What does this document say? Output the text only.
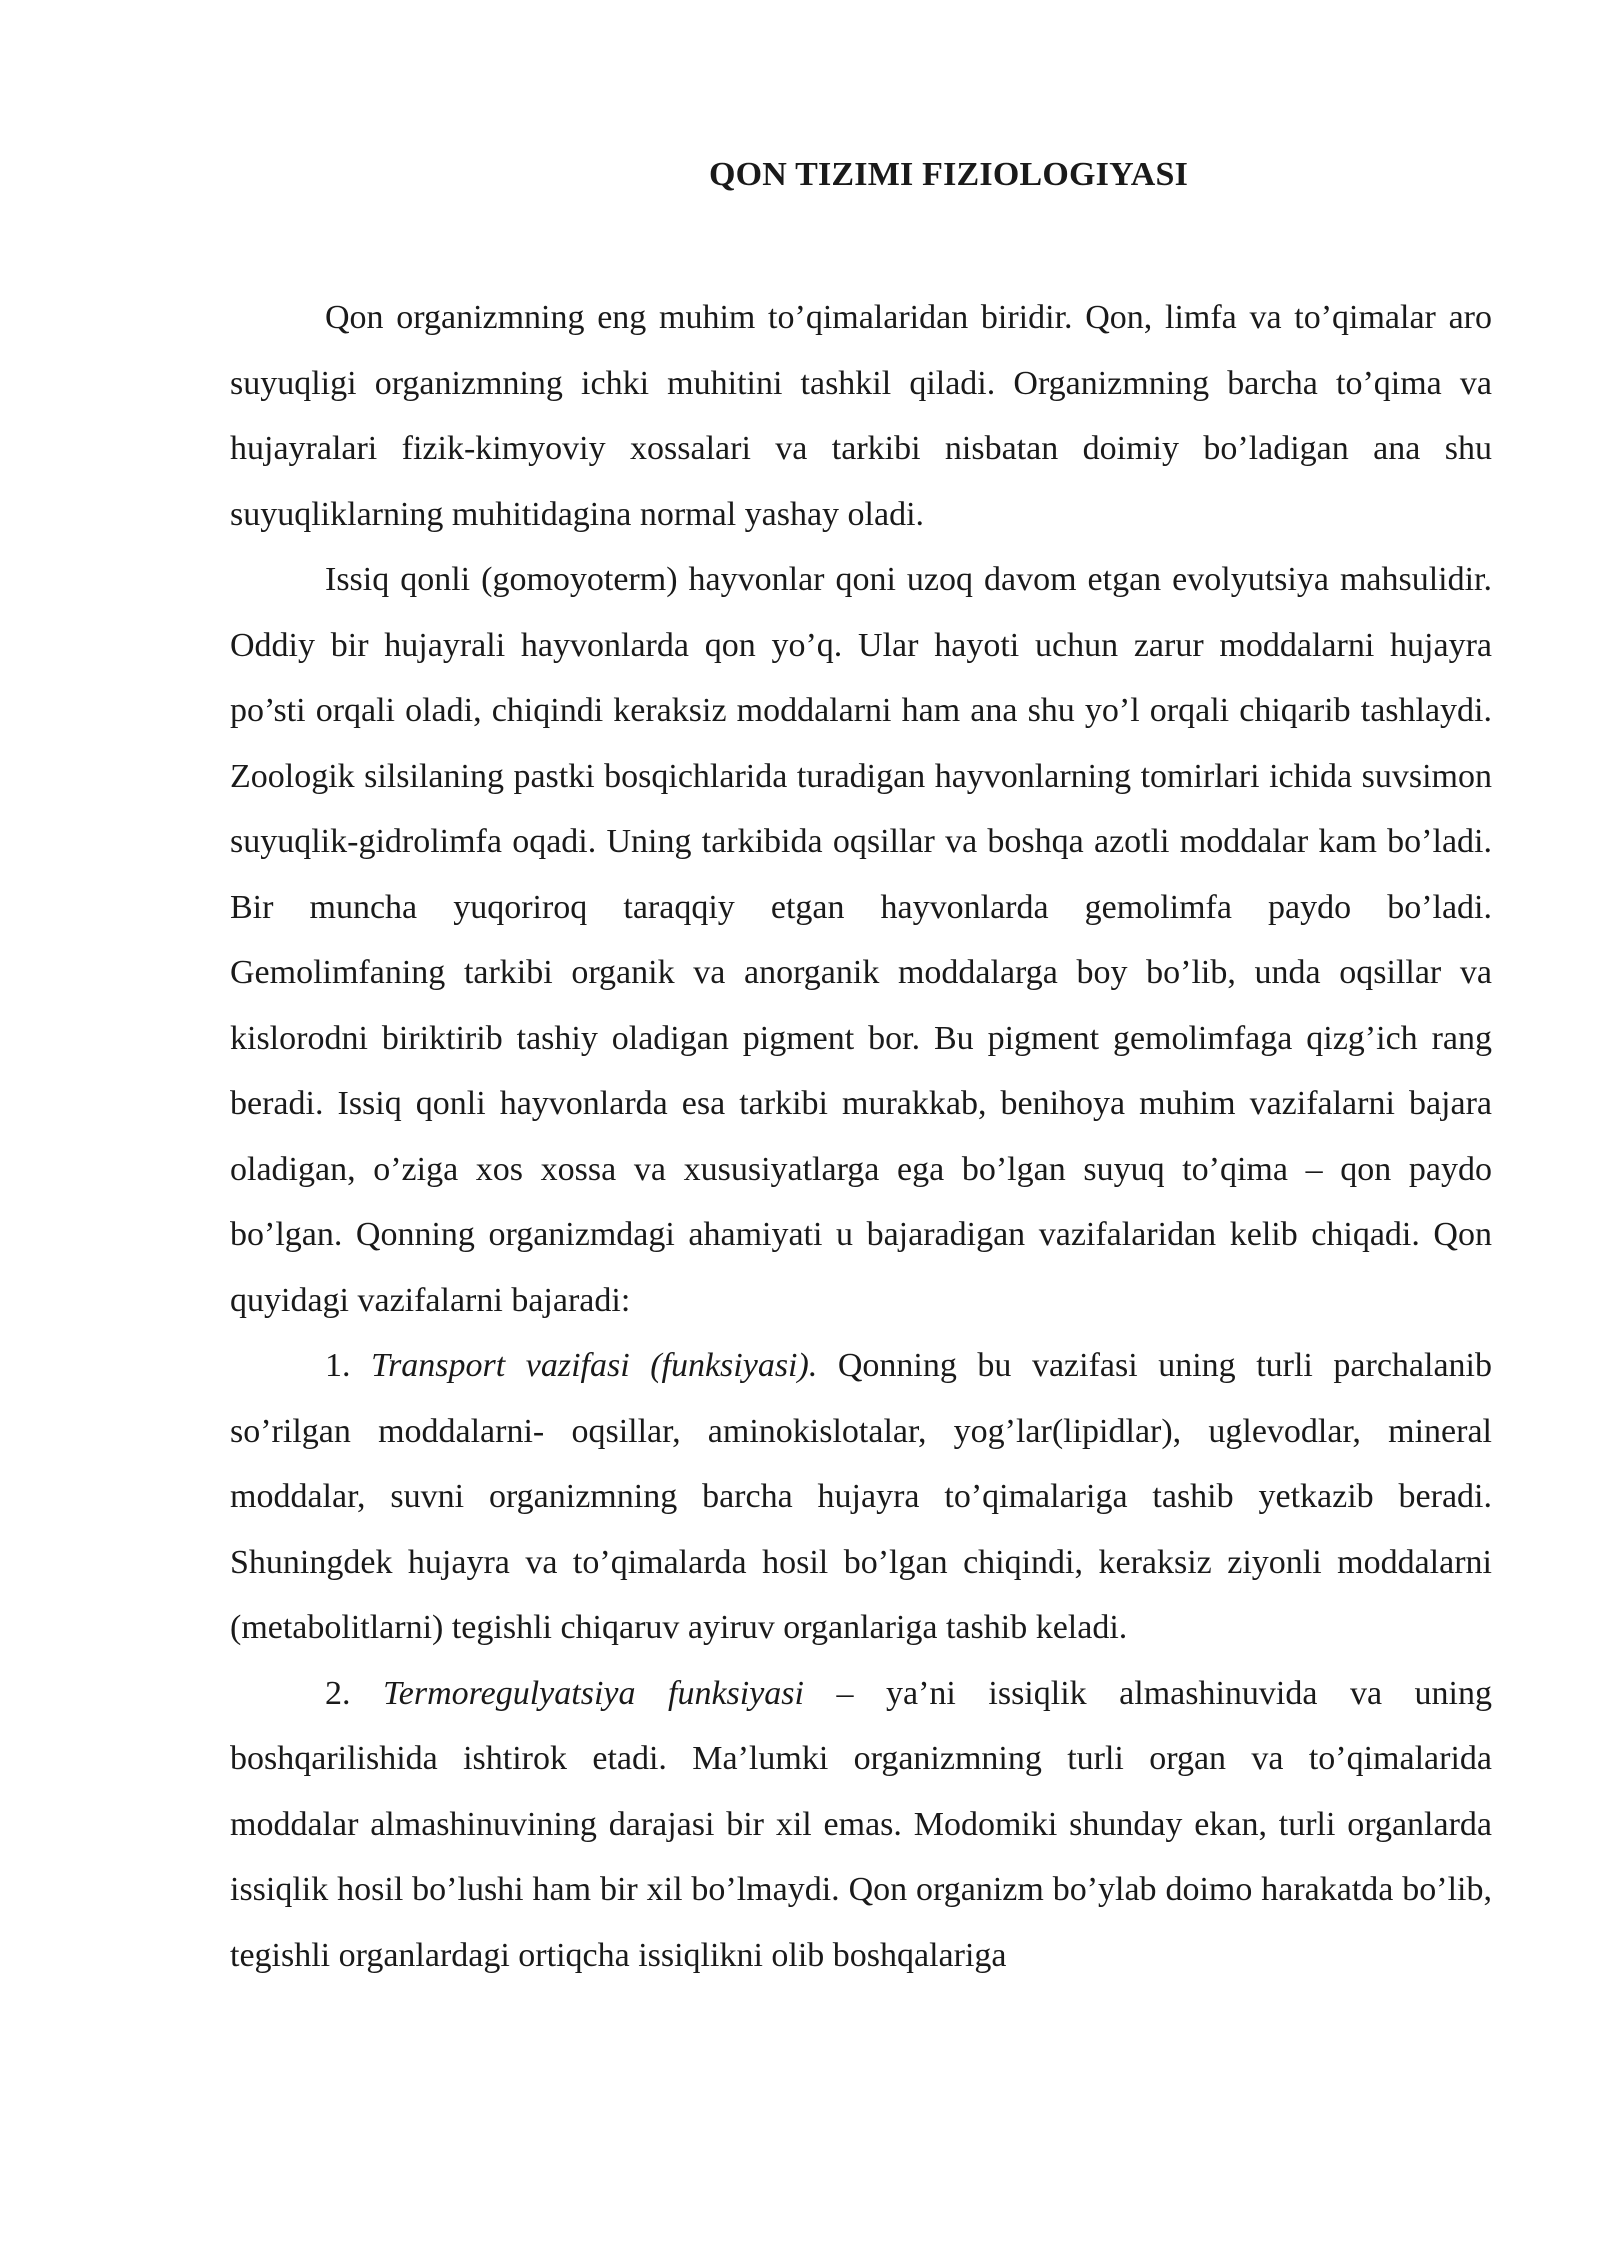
QON TIZIMI FIZIOLOGIYASI

Qon organizmning eng muhim to’qimalaridan biridir. Qon, limfa va to’qimalar aro suyuqligi organizmning ichki muhitini tashkil qiladi. Organizmning barcha to’qima va hujayralari fizik-kimyoviy xossalari va tarkibi nisbatan doimiy bo’ladigan ana shu suyuqliklarning muhitidagina normal yashay oladi.

Issiq qonli (gomoyoterm) hayvonlar qoni uzoq davom etgan evolyutsiya mahsulidir. Oddiy bir hujayrali hayvonlarda qon yo’q. Ular hayoti uchun zarur moddalarni hujayra po’sti orqali oladi, chiqindi keraksiz moddalarni ham ana shu yo’l orqali chiqarib tashlaydi. Zoologik silsilaning pastki bosqichlarida turadigan hayvonlarning tomirlari ichida suvsimon suyuqlik-gidrolimfa oqadi. Uning tarkibida oqsillar va boshqa azotli moddalar kam bo’ladi. Bir muncha yuqoriroq taraqqiy etgan hayvonlarda gemolimfa paydo bo’ladi. Gemolimfaning tarkibi organik va anorganik moddalarga boy bo’lib, unda oqsillar va kislorodni biriktirib tashiy oladigan pigment bor. Bu pigment gemolimfaga qizg’ich rang beradi. Issiq qonli hayvonlarda esa tarkibi murakkab, benihoya muhim vazifalarni bajara oladigan, o’ziga xos xossa va xususiyatlarga ega bo’lgan suyuq to’qima – qon paydo bo’lgan. Qonning organizmdagi ahamiyati u bajaradigan vazifalaridan kelib chiqadi. Qon quyidagi vazifalarni bajaradi:

1. Transport vazifasi (funksiyasi). Qonning bu vazifasi uning turli parchalanib so’rilgan moddalarni- oqsillar, aminokislotalar, yog’lar(lipidlar), uglevodlar, mineral moddalar, suvni organizmning barcha hujayra to’qimalariga tashib yetkazib beradi. Shuningdek hujayra va to’qimalarda hosil bo’lgan chiqindi, keraksiz ziyonli moddalarni (metabolitlarni) tegishli chiqaruv ayiruv organlariga tashib keladi.

2. Termoregulyatsiya funksiyasi – ya’ni issiqlik almashinuvida va uning boshqarilishida ishtirok etadi. Ma’lumki organizmning turli organ va to’qimalarida moddalar almashinuvining darajasi bir xil emas. Modomiki shunday ekan, turli organlarda issiqlik hosil bo’lushi ham bir xil bo’lmaydi. Qon organizm bo’ylab doimo harakatda bo’lib, tegishli organlardagi ortiqcha issiqlikni olib boshqalariga
